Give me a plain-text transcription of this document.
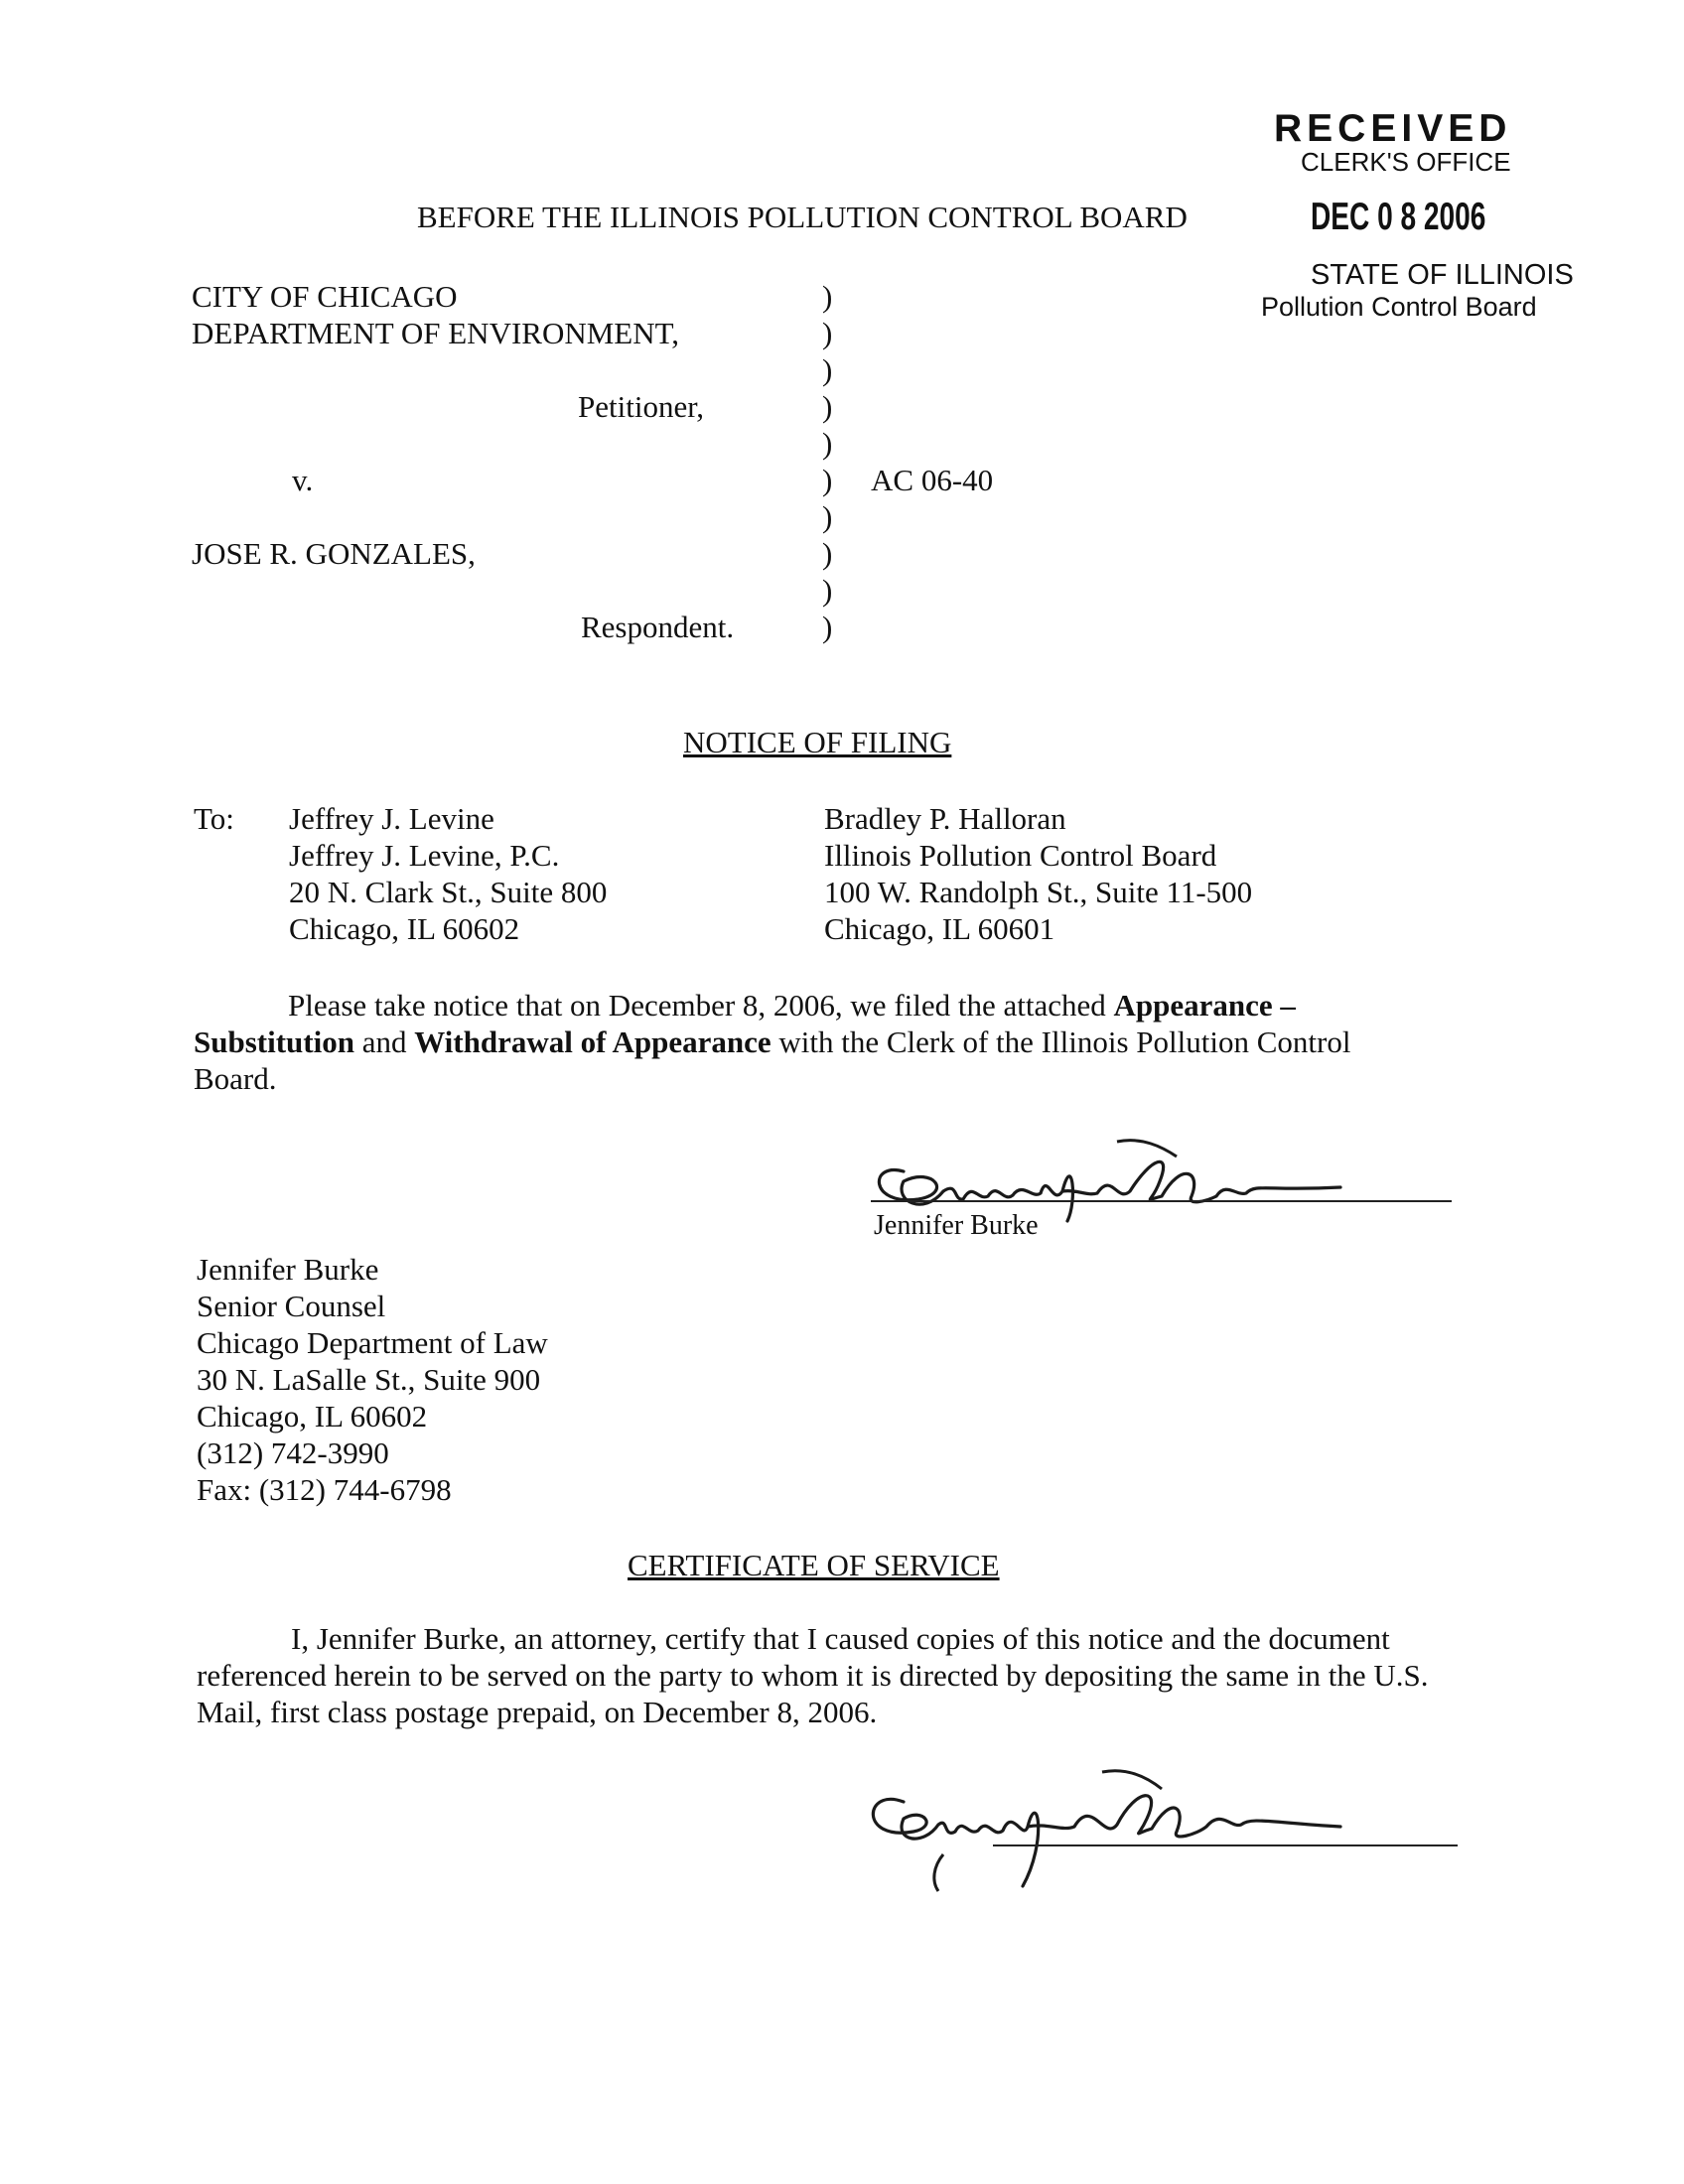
RECEIVED
CLERK'S OFFICE
DEC 0 8 2006
STATE OF ILLINOIS
Pollution Control Board
BEFORE THE ILLINOIS POLLUTION CONTROL BOARD
CITY OF CHICAGO
DEPARTMENT OF ENVIRONMENT,
Petitioner,
v.
JOSE R. GONZALES,
Respondent.
AC 06-40
)
)
)
)
)
)
)
)
)
)
NOTICE OF FILING
To: Jeffrey J. Levine
Jeffrey J. Levine, P.C.
20 N. Clark St., Suite 800
Chicago, IL 60602
Bradley P. Halloran
Illinois Pollution Control Board
100 W. Randolph St., Suite 11-500
Chicago, IL 60601
Please take notice that on December 8, 2006, we filed the attached Appearance – Substitution and Withdrawal of Appearance with the Clerk of the Illinois Pollution Control Board.
Jennifer Burke
Jennifer Burke
Senior Counsel
Chicago Department of Law
30 N. LaSalle St., Suite 900
Chicago, IL 60602
(312) 742-3990
Fax: (312) 744-6798
CERTIFICATE OF SERVICE
I, Jennifer Burke, an attorney, certify that I caused copies of this notice and the document referenced herein to be served on the party to whom it is directed by depositing the same in the U.S. Mail, first class postage prepaid, on December 8, 2006.
